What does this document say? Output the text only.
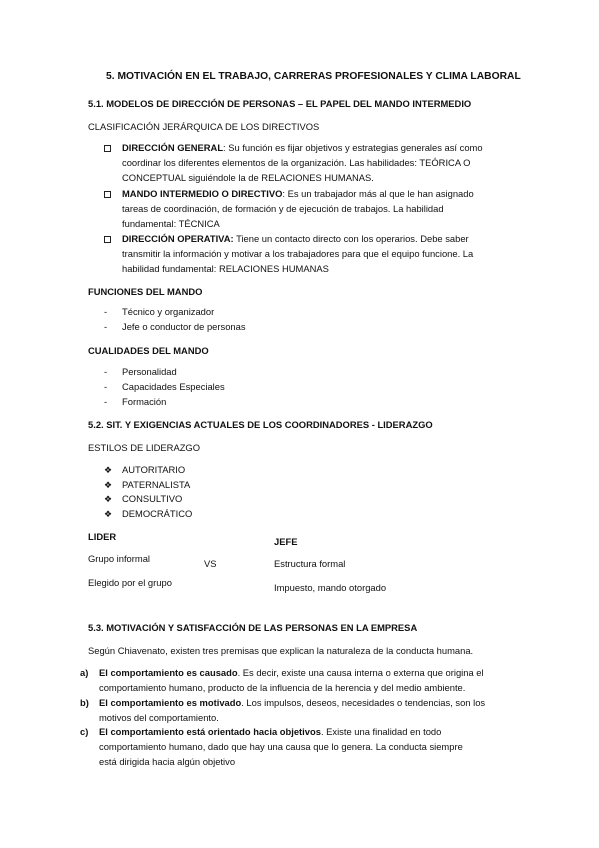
5. MOTIVACIÓN EN EL TRABAJO, CARRERAS PROFESIONALES Y CLIMA LABORAL
5.1. MODELOS DE DIRECCIÓN DE PERSONAS – EL PAPEL DEL MANDO INTERMEDIO
CLASIFICACIÓN JERÁRQUICA DE LOS DIRECTIVOS
DIRECCIÓN GENERAL: Su función es fijar objetivos y estrategias generales así como
coordinar los diferentes elementos de la organización. Las habilidades: TEÓRICA O
CONCEPTUAL siguiéndole la de RELACIONES HUMANAS.
MANDO INTERMEDIO O DIRECTIVO: Es un trabajador más al que le han asignado
tareas de coordinación, de formación y de ejecución de trabajos. La habilidad
fundamental: TÉCNICA
DIRECCIÓN OPERATIVA: Tiene un contacto directo con los operarios. Debe saber
transmitir la información y motivar a los trabajadores para que el equipo funcione. La
habilidad fundamental: RELACIONES HUMANAS
FUNCIONES DEL MANDO
- Técnico y organizador
- Jefe o conductor de personas
CUALIDADES DEL MANDO
- Personalidad
- Capacidades Especiales
- Formación
5.2. SIT. Y EXIGENCIAS ACTUALES DE LOS COORDINADORES - LIDERAZGO
ESTILOS DE LIDERAZGO
❖ AUTORITARIO
❖ PATERNALISTA
❖ CONSULTIVO
❖ DEMOCRÁTICO
LIDER
Grupo informal
Elegido por el grupo
VS
JEFE
Estructura formal
Impuesto, mando otorgado
5.3. MOTIVACIÓN Y SATISFACCIÓN DE LAS PERSONAS EN LA EMPRESA
Según Chiavenato, existen tres premisas que explican la naturaleza de la conducta humana.
a) El comportamiento es causado. Es decir, existe una causa interna o externa que origina el
comportamiento humano, producto de la influencia de la herencia y del medio ambiente.
b) El comportamiento es motivado. Los impulsos, deseos, necesidades o tendencias, son los
motivos del comportamiento.
c) El comportamiento está orientado hacia objetivos. Existe una finalidad en todo
comportamiento humano, dado que hay una causa que lo genera. La conducta siempre
está dirigida hacia algún objetivo
